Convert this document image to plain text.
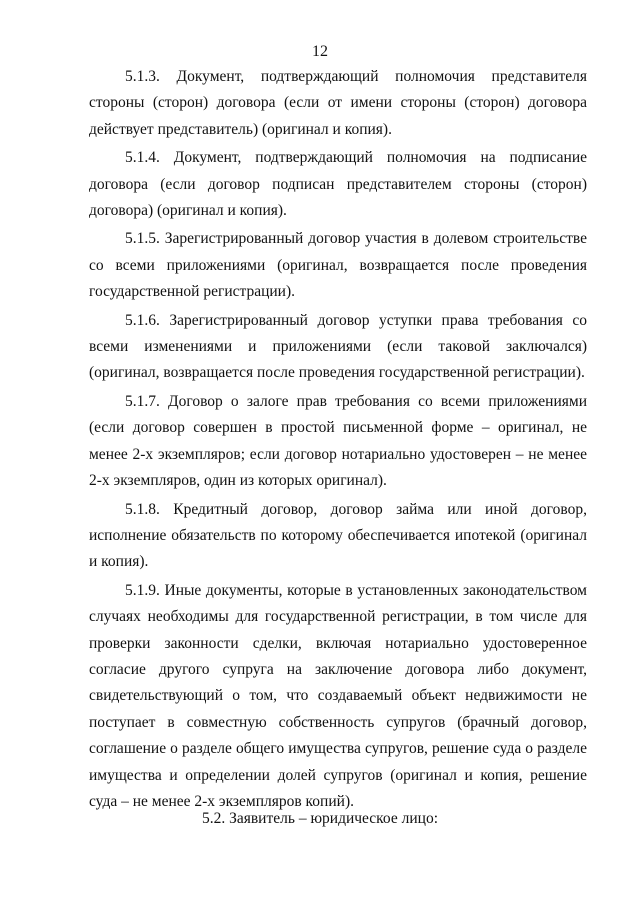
12

5.1.3. Документ, подтверждающий полномочия представителя стороны (сторон) договора (если от имени стороны (сторон) договора действует представитель) (оригинал и копия).

5.1.4. Документ, подтверждающий полномочия на подписание договора (если договор подписан представителем стороны (сторон) договора) (оригинал и копия).

5.1.5. Зарегистрированный договор участия в долевом строительстве со всеми приложениями (оригинал, возвращается после проведения государственной регистрации).

5.1.6. Зарегистрированный договор уступки права требования со всеми изменениями и приложениями (если таковой заключался) (оригинал, возвращается после проведения государственной регистрации).

5.1.7. Договор о залоге прав требования со всеми приложениями (если договор совершен в простой письменной форме – оригинал, не менее 2-х экземпляров; если договор нотариально удостоверен – не менее 2-х экземпляров, один из которых оригинал).

5.1.8. Кредитный договор, договор займа или иной договор, исполнение обязательств по которому обеспечивается ипотекой (оригинал и копия).

5.1.9. Иные документы, которые в установленных законодательством случаях необходимы для государственной регистрации, в том числе для проверки законности сделки, включая нотариально удостоверенное согласие другого супруга на заключение договора либо документ, свидетельствующий о том, что создаваемый объект недвижимости не поступает в совместную собственность супругов (брачный договор, соглашение о разделе общего имущества супругов, решение суда о разделе имущества и определении долей супругов (оригинал и копия, решение суда – не менее 2-х экземпляров копий).

5.2. Заявитель – юридическое лицо:
